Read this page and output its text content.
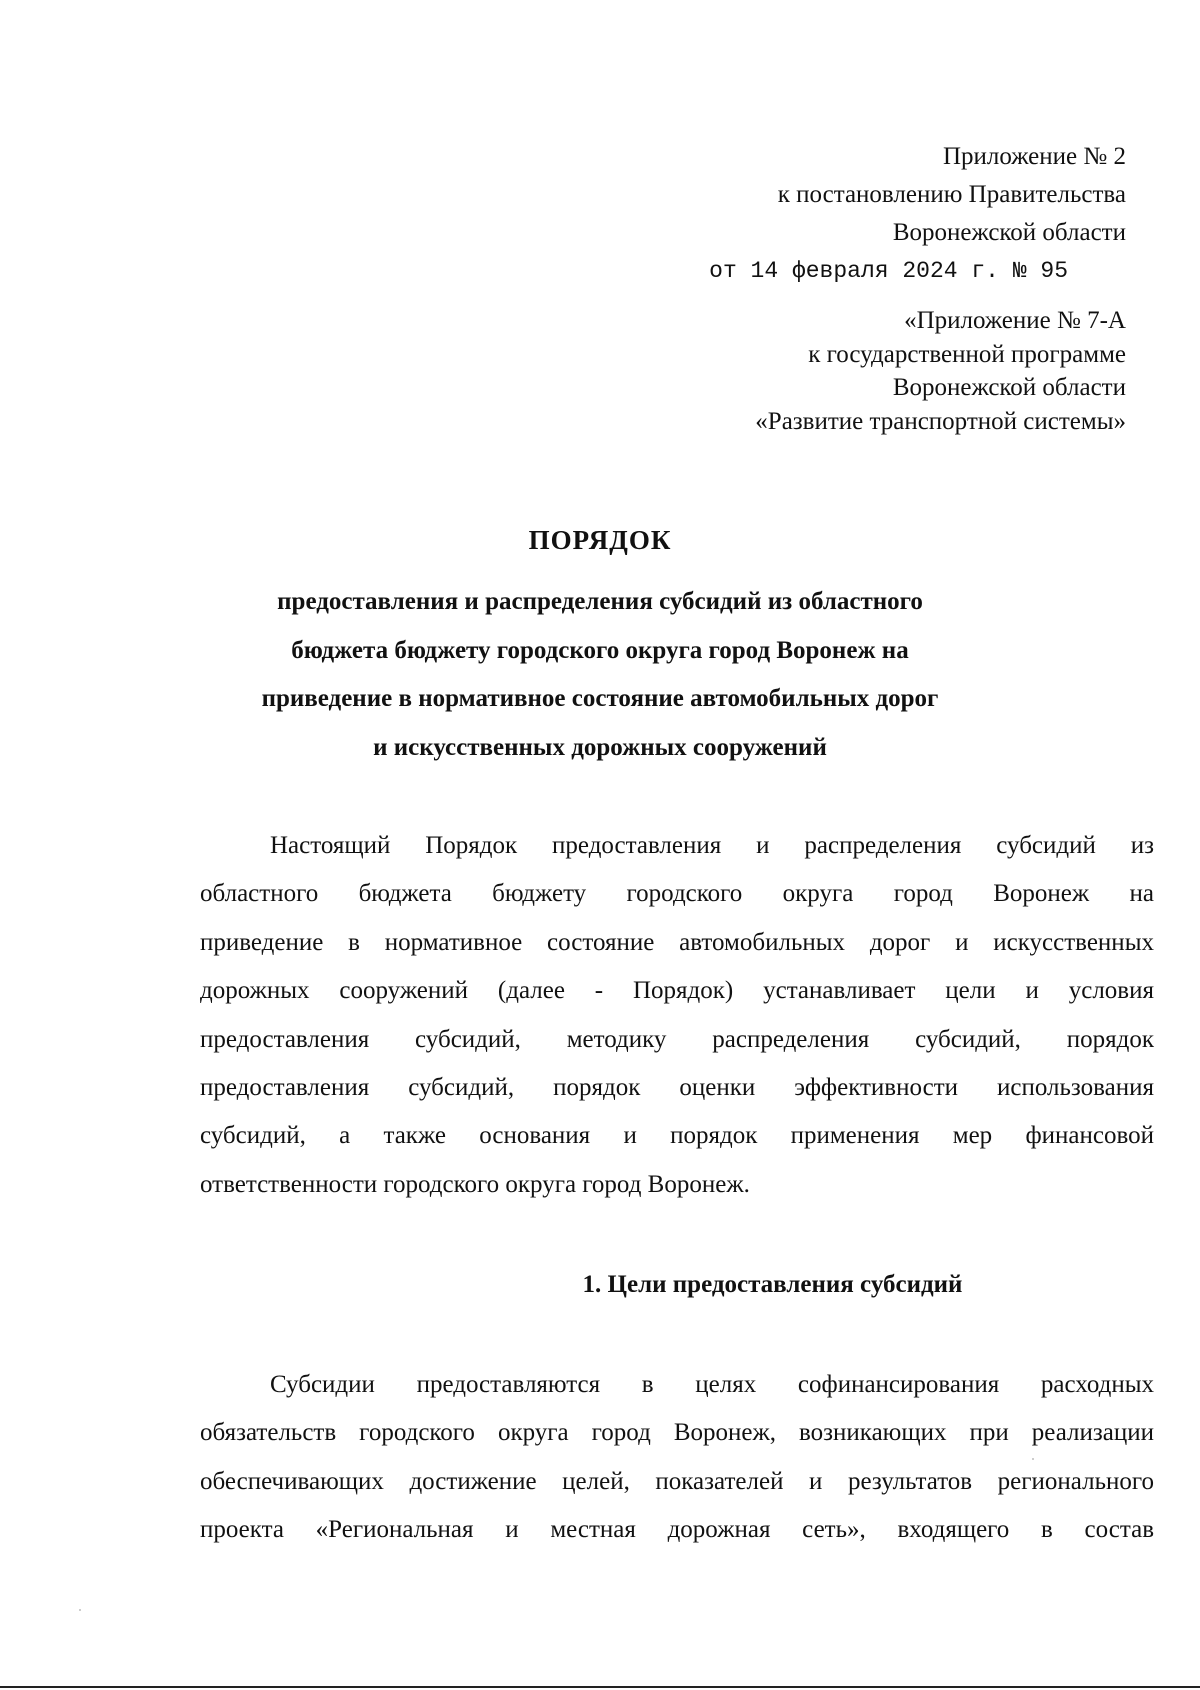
Приложение № 2
к постановлению Правительства
Воронежской области
от 14 февраля 2024 г. № 95
«Приложение № 7-А
к государственной программе
Воронежской области
«Развитие транспортной системы»
ПОРЯДОК
предоставления и распределения субсидий из областного
бюджета бюджету городского округа город Воронеж на
приведение в нормативное состояние автомобильных дорог
и искусственных дорожных сооружений
Настоящий Порядок предоставления и распределения субсидий из
областного бюджета бюджету городского округа город Воронеж на
приведение в нормативное состояние автомобильных дорог и искусственных
дорожных сооружений (далее - Порядок) устанавливает цели и условия
предоставления субсидий, методику распределения субсидий, порядок
предоставления субсидий, порядок оценки эффективности использования
субсидий, а также основания и порядок применения мер финансовой
ответственности городского округа город Воронеж.
1. Цели предоставления субсидий
Субсидии предоставляются в целях софинансирования расходных
обязательств городского округа город Воронеж, возникающих при реализации
обеспечивающих достижение целей, показателей и результатов регионального
проекта «Региональная и местная дорожная сеть», входящего в состав
